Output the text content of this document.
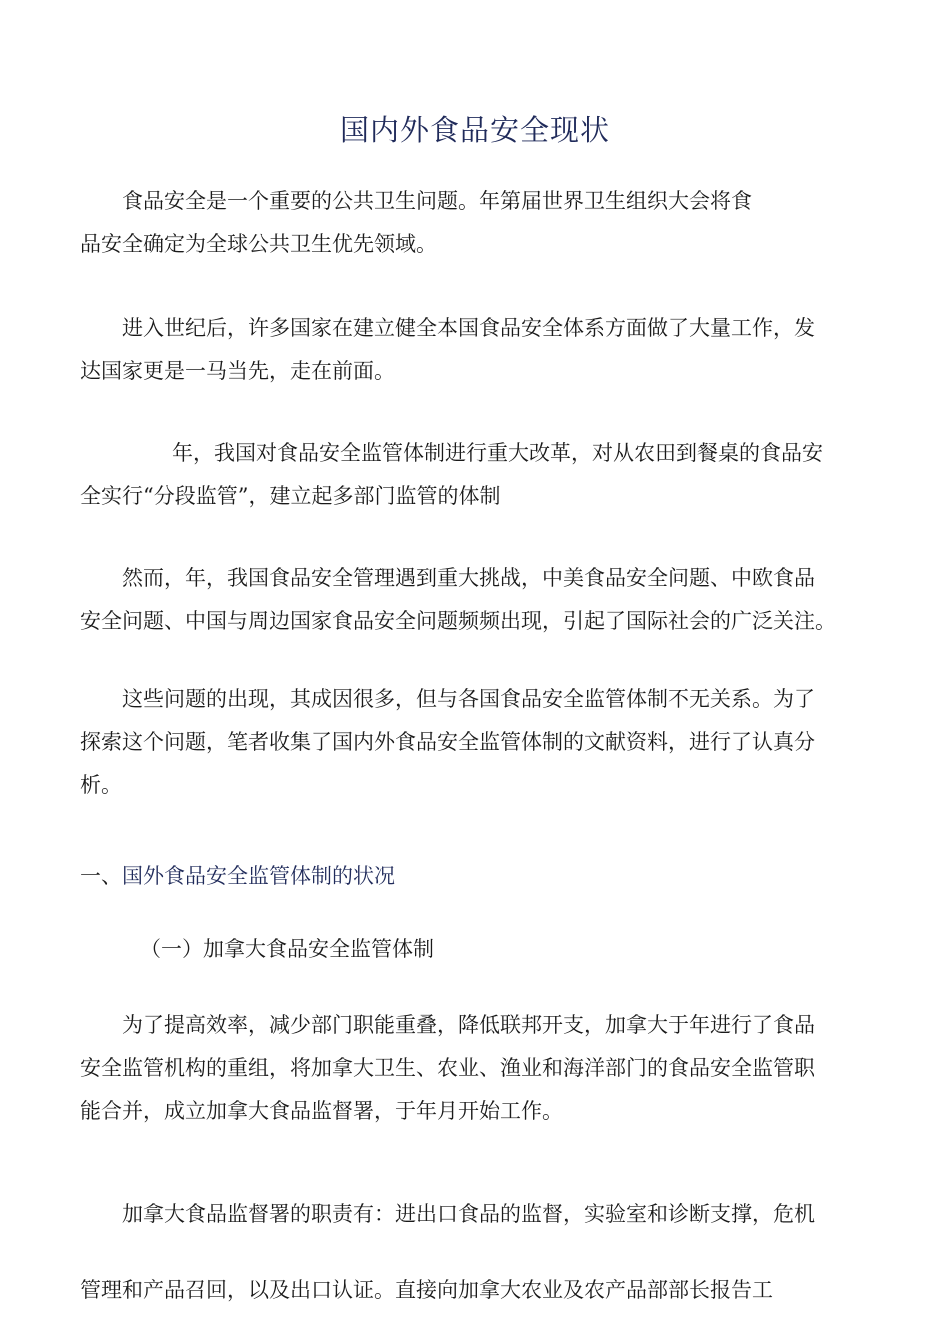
国内外食品安全现状
食品安全是一个重要的公共卫生问题。年第届世界卫生组织大会将食
品安全确定为全球公共卫生优先领域。
进入世纪后，许多国家在建立健全本国食品安全体系方面做了大量工作，发
达国家更是一马当先，走在前面。
年，我国对食品安全监管体制进行重大改革，对从农田到餐桌的食品安
全实行“分段监管”，建立起多部门监管的体制
然而，年，我国食品安全管理遇到重大挑战，中美食品安全问题、中欧食品
安全问题、中国与周边国家食品安全问题频频出现，引起了国际社会的广泛关注。
这些问题的出现，其成因很多，但与各国食品安全监管体制不无关系。为了
探索这个问题，笔者收集了国内外食品安全监管体制的文献资料，进行了认真分
析。
一、国外食品安全监管体制的状况
（一）加拿大食品安全监管体制
为了提高效率，减少部门职能重叠，降低联邦开支，加拿大于年进行了食品
安全监管机构的重组，将加拿大卫生、农业、渔业和海洋部门的食品安全监管职
能合并，成立加拿大食品监督署，于年月开始工作。
加拿大食品监督署的职责有：进出口食品的监督，实验室和诊断支撑，危机
管理和产品召回，以及出口认证。直接向加拿大农业及农产品部部长报告工
